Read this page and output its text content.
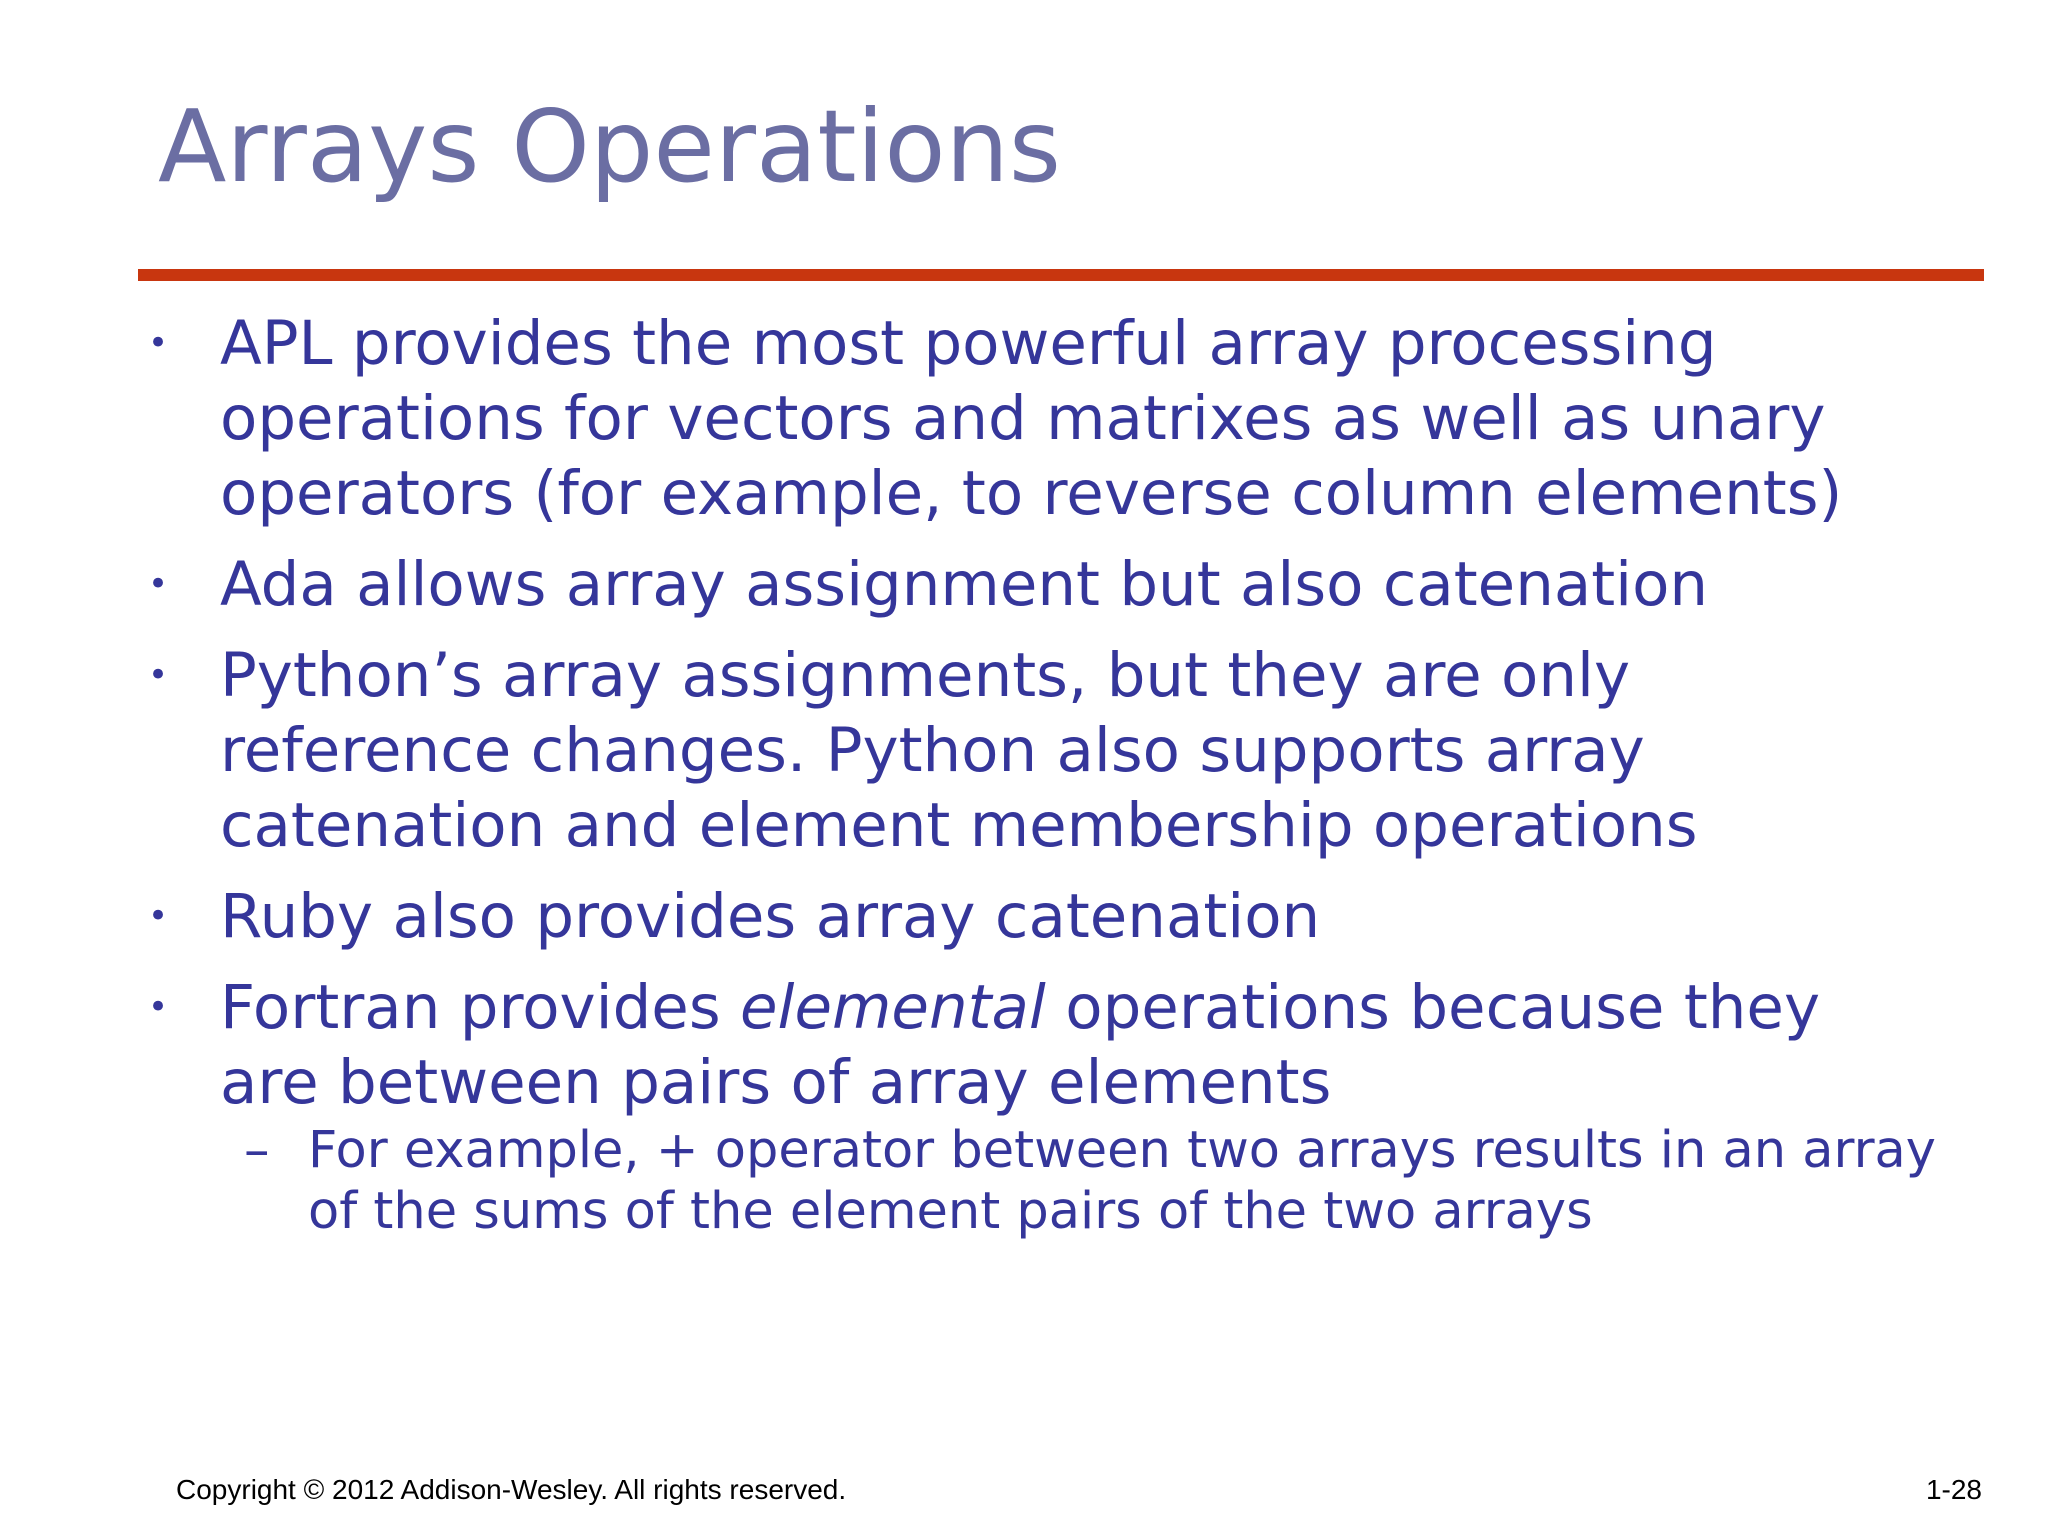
Arrays Operations
• APL provides the most powerful array processing operations for vectors and matrixes as well as unary operators (for example, to reverse column elements)
• Ada allows array assignment but also catenation
• Python’s array assignments, but they are only reference changes. Python also supports array catenation and element membership operations
• Ruby also provides array catenation
• Fortran provides elemental operations because they are between pairs of array elements
– For example, + operator between two arrays results in an array of the sums of the element pairs of the two arrays
Copyright © 2012 Addison-Wesley. All rights reserved.	1-28
